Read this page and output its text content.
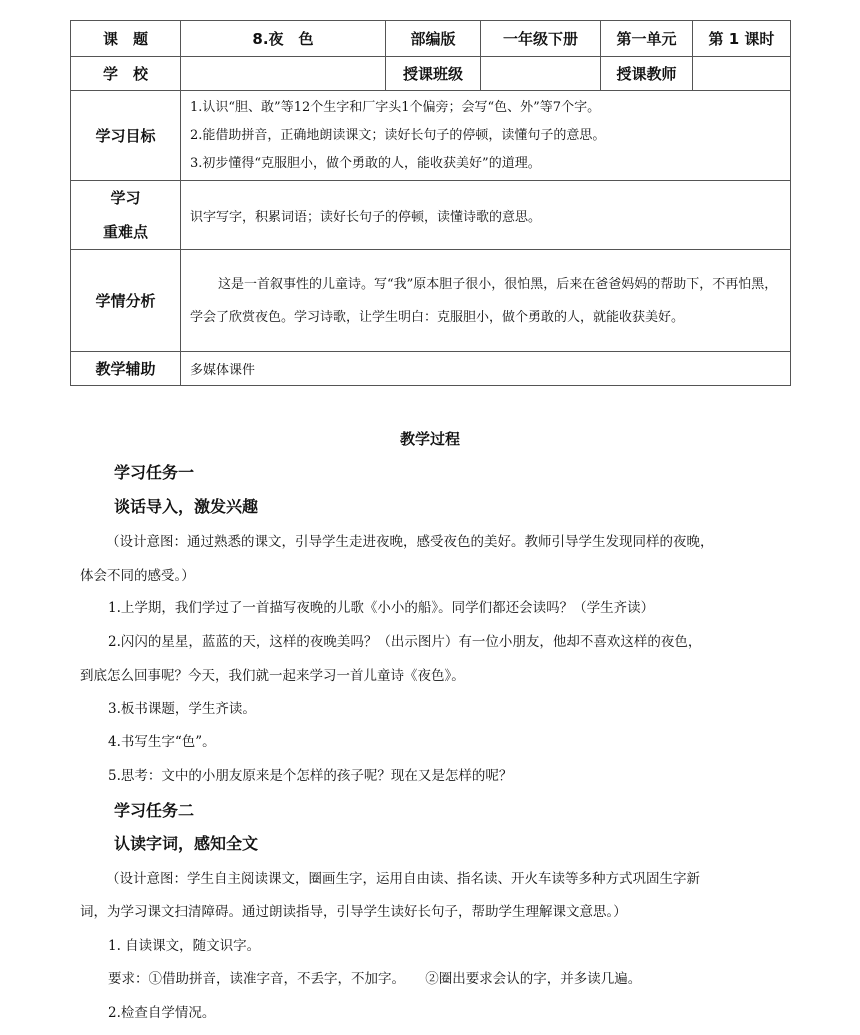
课　题	8.夜　色	部编版	一年级下册	第一单元	第 1 课时
学　校		授课班级		授课教师	
学习目标	1.认识“胆、敢”等12个生字和厂字头1个偏旁；会写“色、外”等7个字。
2.能借助拼音，正确地朗读课文；读好长句子的停顿，读懂句子的意思。
3.初步懂得“克服胆小，做个勇敢的人，能收获美好”的道理。				

学习
重难点	识字写字，积累词语；读好长句子的停顿，读懂诗歌的意思。				
学情分析	这是一首叙事性的儿童诗。写“我”原本胆子很小，很怕黑，后来在爸爸妈妈的帮助下，不再怕黑，学会了欣赏夜色。学习诗歌，让学生明白：克服胆小，做个勇敢的人，就能收获美好。				

教学辅助	多媒体课件				
教学过程
学习任务一
谈话导入，激发兴趣
（设计意图：通过熟悉的课文，引导学生走进夜晚，感受夜色的美好。教师引导学生发现同样的夜晚，
体会不同的感受。）
1.上学期，我们学过了一首描写夜晚的儿歌《小小的船》。同学们都还会读吗？（学生齐读）
2.闪闪的星星，蓝蓝的天，这样的夜晚美吗？（出示图片）有一位小朋友，他却不喜欢这样的夜色，
到底怎么回事呢？今天，我们就一起来学习一首儿童诗《夜色》。
3.板书课题，学生齐读。
4.书写生字“色”。
5.思考：文中的小朋友原来是个怎样的孩子呢？现在又是怎样的呢？
学习任务二
认读字词，感知全文
（设计意图：学生自主阅读课文，圈画生字，运用自由读、指名读、开火车读等多种方式巩固生字新
词，为学习课文扫清障碍。通过朗读指导，引导学生读好长句子，帮助学生理解课文意思。）
1. 自读课文，随文识字。
要求：①借助拼音，读准字音，不丢字，不加字。　　②圈出要求会认的字，并多读几遍。
2.检查自学情况。
